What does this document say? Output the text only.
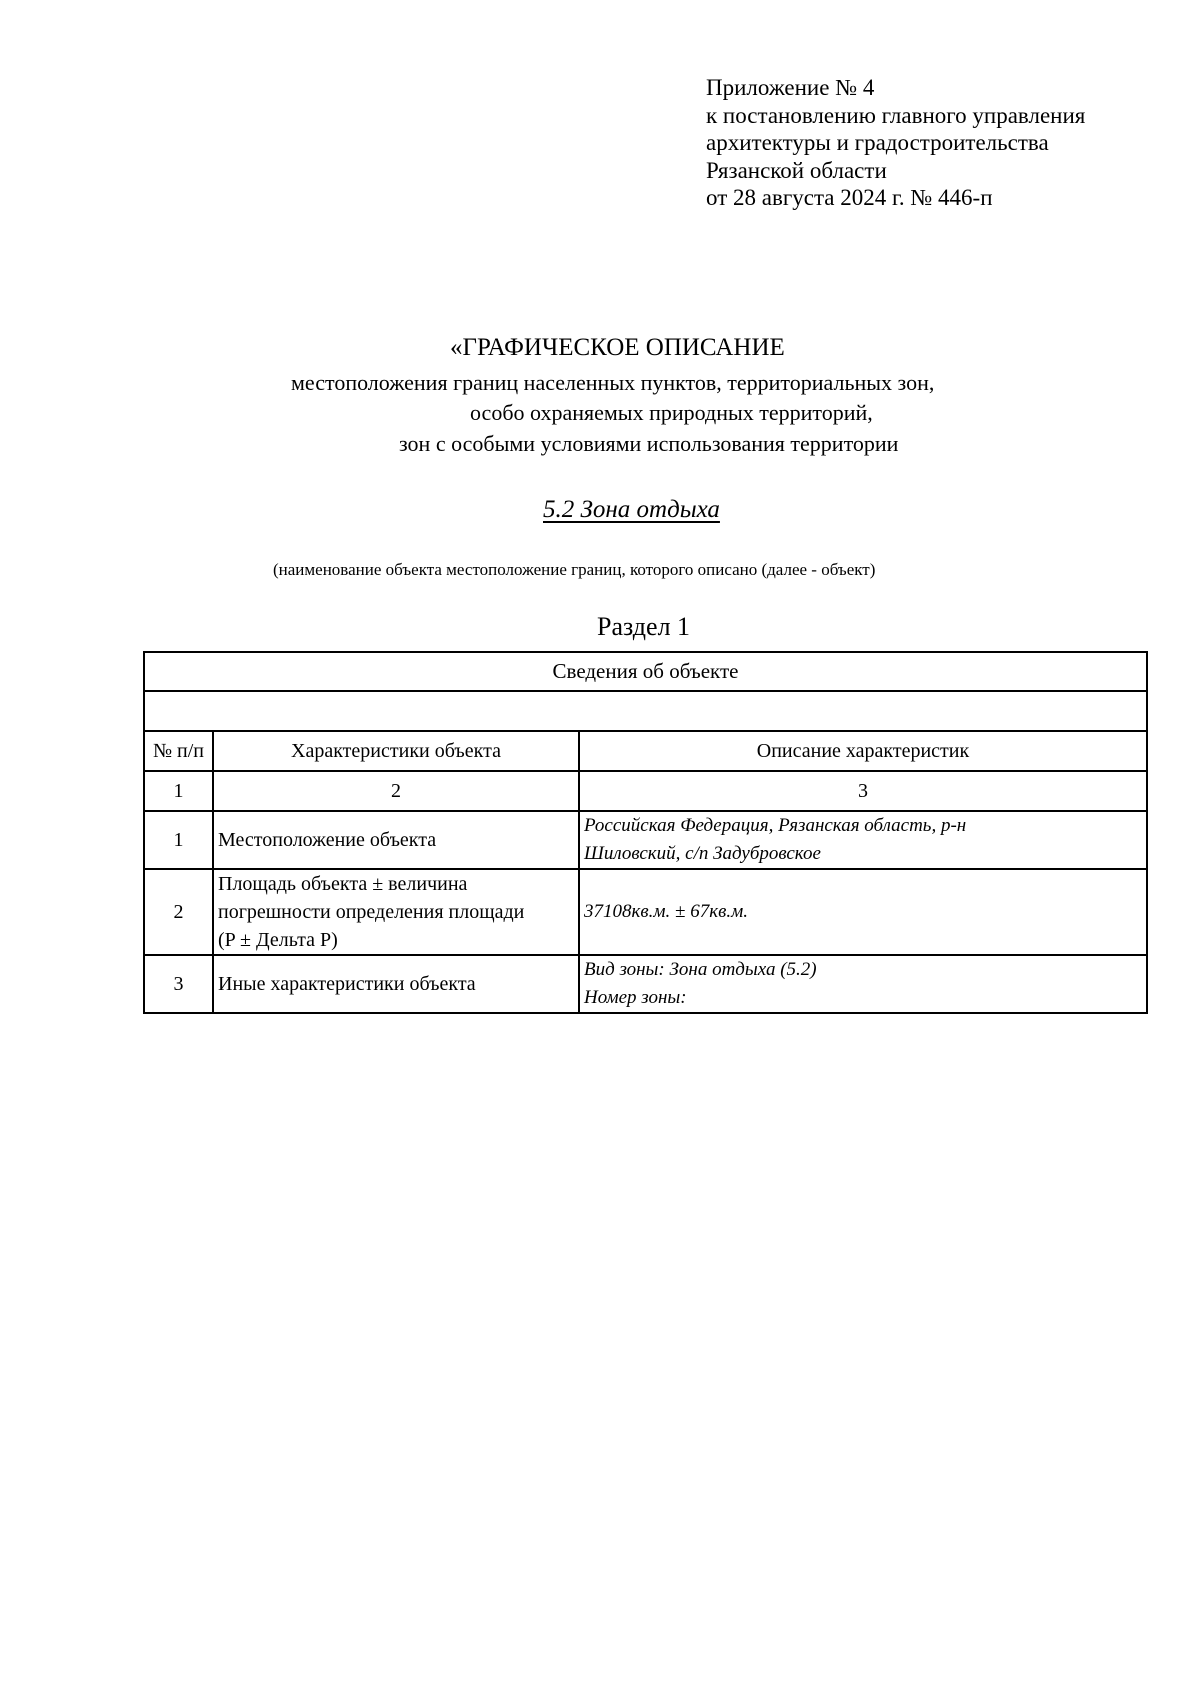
Приложение № 4
к постановлению главного управления
архитектуры и градостроительства
Рязанской области
от 28 августа 2024 г. № 446-п
«ГРАФИЧЕСКОЕ ОПИСАНИЕ
местоположения границ населенных пунктов, территориальных зон,
особо охраняемых природных территорий,
зон с особыми условиями использования территории
5.2 Зона отдыха
(наименование объекта местоположение границ, которого описано (далее - объект)
Раздел 1
Сведения об объекте		

№ п/п	Характеристики объекта	Описание характеристик
1	2	3
1	Местоположение объекта	Российская Федерация, Рязанская область, р-н
Шиловский, с/п Задубровское

2	Площадь объекта ± величина
погрешности определения площади
(P ± Дельта P)	37108кв.м. ± 67кв.м.
3	Иные характеристики объекта	Вид зоны: Зона отдыха (5.2)
Номер зоны:
